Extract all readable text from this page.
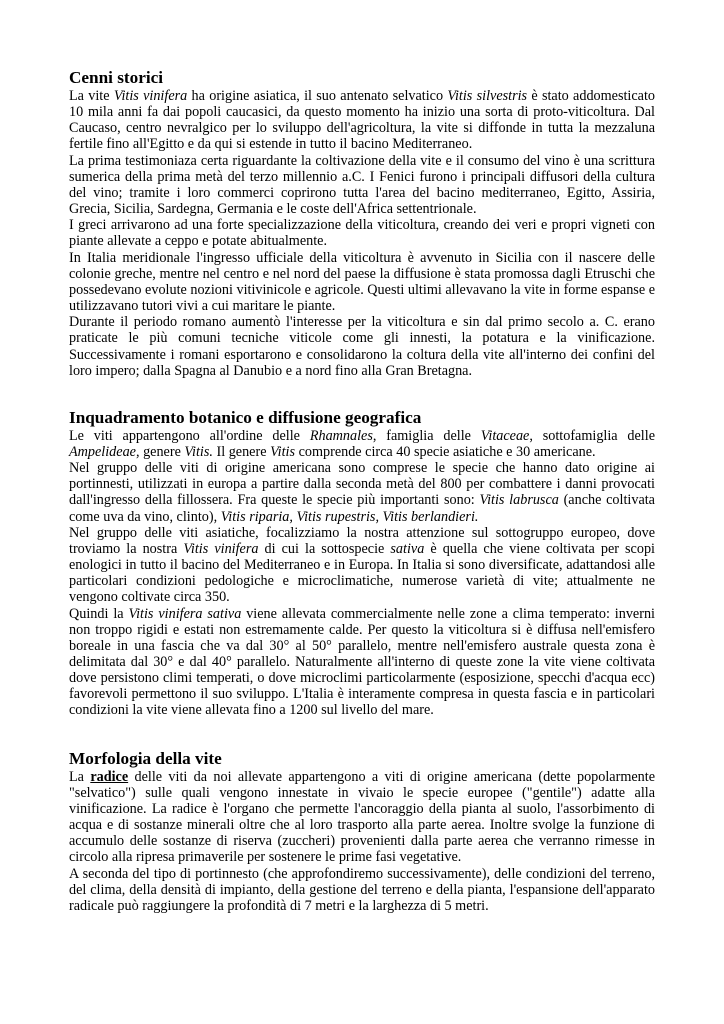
Cenni storici

La vite Vitis vinifera ha origine asiatica, il suo antenato selvatico Vitis silvestris è stato addomesticato 10 mila anni fa dai popoli caucasici, da questo momento ha inizio una sorta di proto-viticoltura. Dal Caucaso, centro nevralgico per lo sviluppo dell'agricoltura, la vite si diffonde in tutta la mezzaluna fertile fino all'Egitto e da qui si estende in tutto il bacino Mediterraneo.

La prima testimoniaza certa riguardante la coltivazione della vite e il consumo del vino è una scrittura sumerica della prima metà del terzo millennio a.C. I Fenici furono i principali diffusori della cultura del vino; tramite i loro commerci coprirono tutta l'area del bacino mediterraneo, Egitto, Assiria, Grecia, Sicilia, Sardegna, Germania e le coste dell'Africa settentrionale.

I greci arrivarono ad una forte specializzazione della viticoltura, creando dei veri e propri vigneti con piante allevate a ceppo e potate abitualmente.

In Italia meridionale l'ingresso ufficiale della viticoltura è avvenuto in Sicilia con il nascere delle colonie greche, mentre nel centro e nel nord del paese la diffusione è stata promossa dagli Etruschi che possedevano evolute nozioni vitivinicole e agricole. Questi ultimi allevavano la vite in forme espanse e utilizzavano tutori vivi a cui maritare le piante.

Durante il periodo romano aumentò l'interesse per la viticoltura e sin dal primo secolo a. C. erano praticate le più comuni tecniche viticole come gli innesti, la potatura e la vinificazione. Successivamente i romani esportarono e consolidarono la coltura della vite all'interno dei confini del loro impero; dalla Spagna al Danubio e a nord fino alla Gran Bretagna.

Inquadramento botanico e diffusione geografica

Le viti appartengono all'ordine delle Rhamnales, famiglia delle Vitaceae, sottofamiglia delle Ampelideae, genere Vitis. Il genere Vitis comprende circa 40 specie asiatiche e 30 americane.

Nel gruppo delle viti di origine americana sono comprese le specie che hanno dato origine ai portinnesti, utilizzati in europa a partire dalla seconda metà del 800 per combattere i danni provocati dall'ingresso della fillossera. Fra queste le specie più importanti sono: Vitis labrusca (anche coltivata come uva da vino, clinto), Vitis riparia, Vitis rupestris, Vitis berlandieri.

Nel gruppo delle viti asiatiche, focalizziamo la nostra attenzione sul sottogruppo europeo, dove troviamo la nostra Vitis vinifera di cui la sottospecie sativa è quella che viene coltivata per scopi enologici in tutto il bacino del Mediterraneo e in Europa. In Italia si sono diversificate, adattandosi alle particolari condizioni pedologiche e microclimatiche, numerose varietà di vite; attualmente ne vengono coltivate circa 350.

Quindi la Vitis vinifera sativa viene allevata commercialmente nelle zone a clima temperato: inverni non troppo rigidi e estati non estremamente calde. Per questo la viticoltura si è diffusa nell'emisfero boreale in una fascia che va dal 30° al 50° parallelo, mentre nell'emisfero australe questa zona è delimitata dal 30° e dal 40° parallelo. Naturalmente all'interno di queste zone la vite viene coltivata dove persistono climi temperati, o dove microclimi particolarmente (esposizione, specchi d'acqua ecc) favorevoli permettono il suo sviluppo. L'Italia è interamente compresa in questa fascia e in particolari condizioni la vite viene allevata fino a 1200 sul livello del mare.

Morfologia della vite

La radice delle viti da noi allevate appartengono a viti di origine americana (dette popolarmente "selvatico") sulle quali vengono innestate in vivaio le specie europee ("gentile") adatte alla vinificazione. La radice è l'organo che permette l'ancoraggio della pianta al suolo, l'assorbimento di acqua e di sostanze minerali oltre che al loro trasporto alla parte aerea. Inoltre svolge la funzione di accumulo delle sostanze di riserva (zuccheri) provenienti dalla parte aerea che verranno rimesse in circolo alla ripresa primaverile per sostenere le prime fasi vegetative.

A seconda del tipo di portinnesto (che approfondiremo successivamente), delle condizioni del terreno, del clima, della densità di impianto, della gestione del terreno e della pianta, l'espansione dell'apparato radicale può raggiungere la profondità di 7 metri e la larghezza di 5 metri.
